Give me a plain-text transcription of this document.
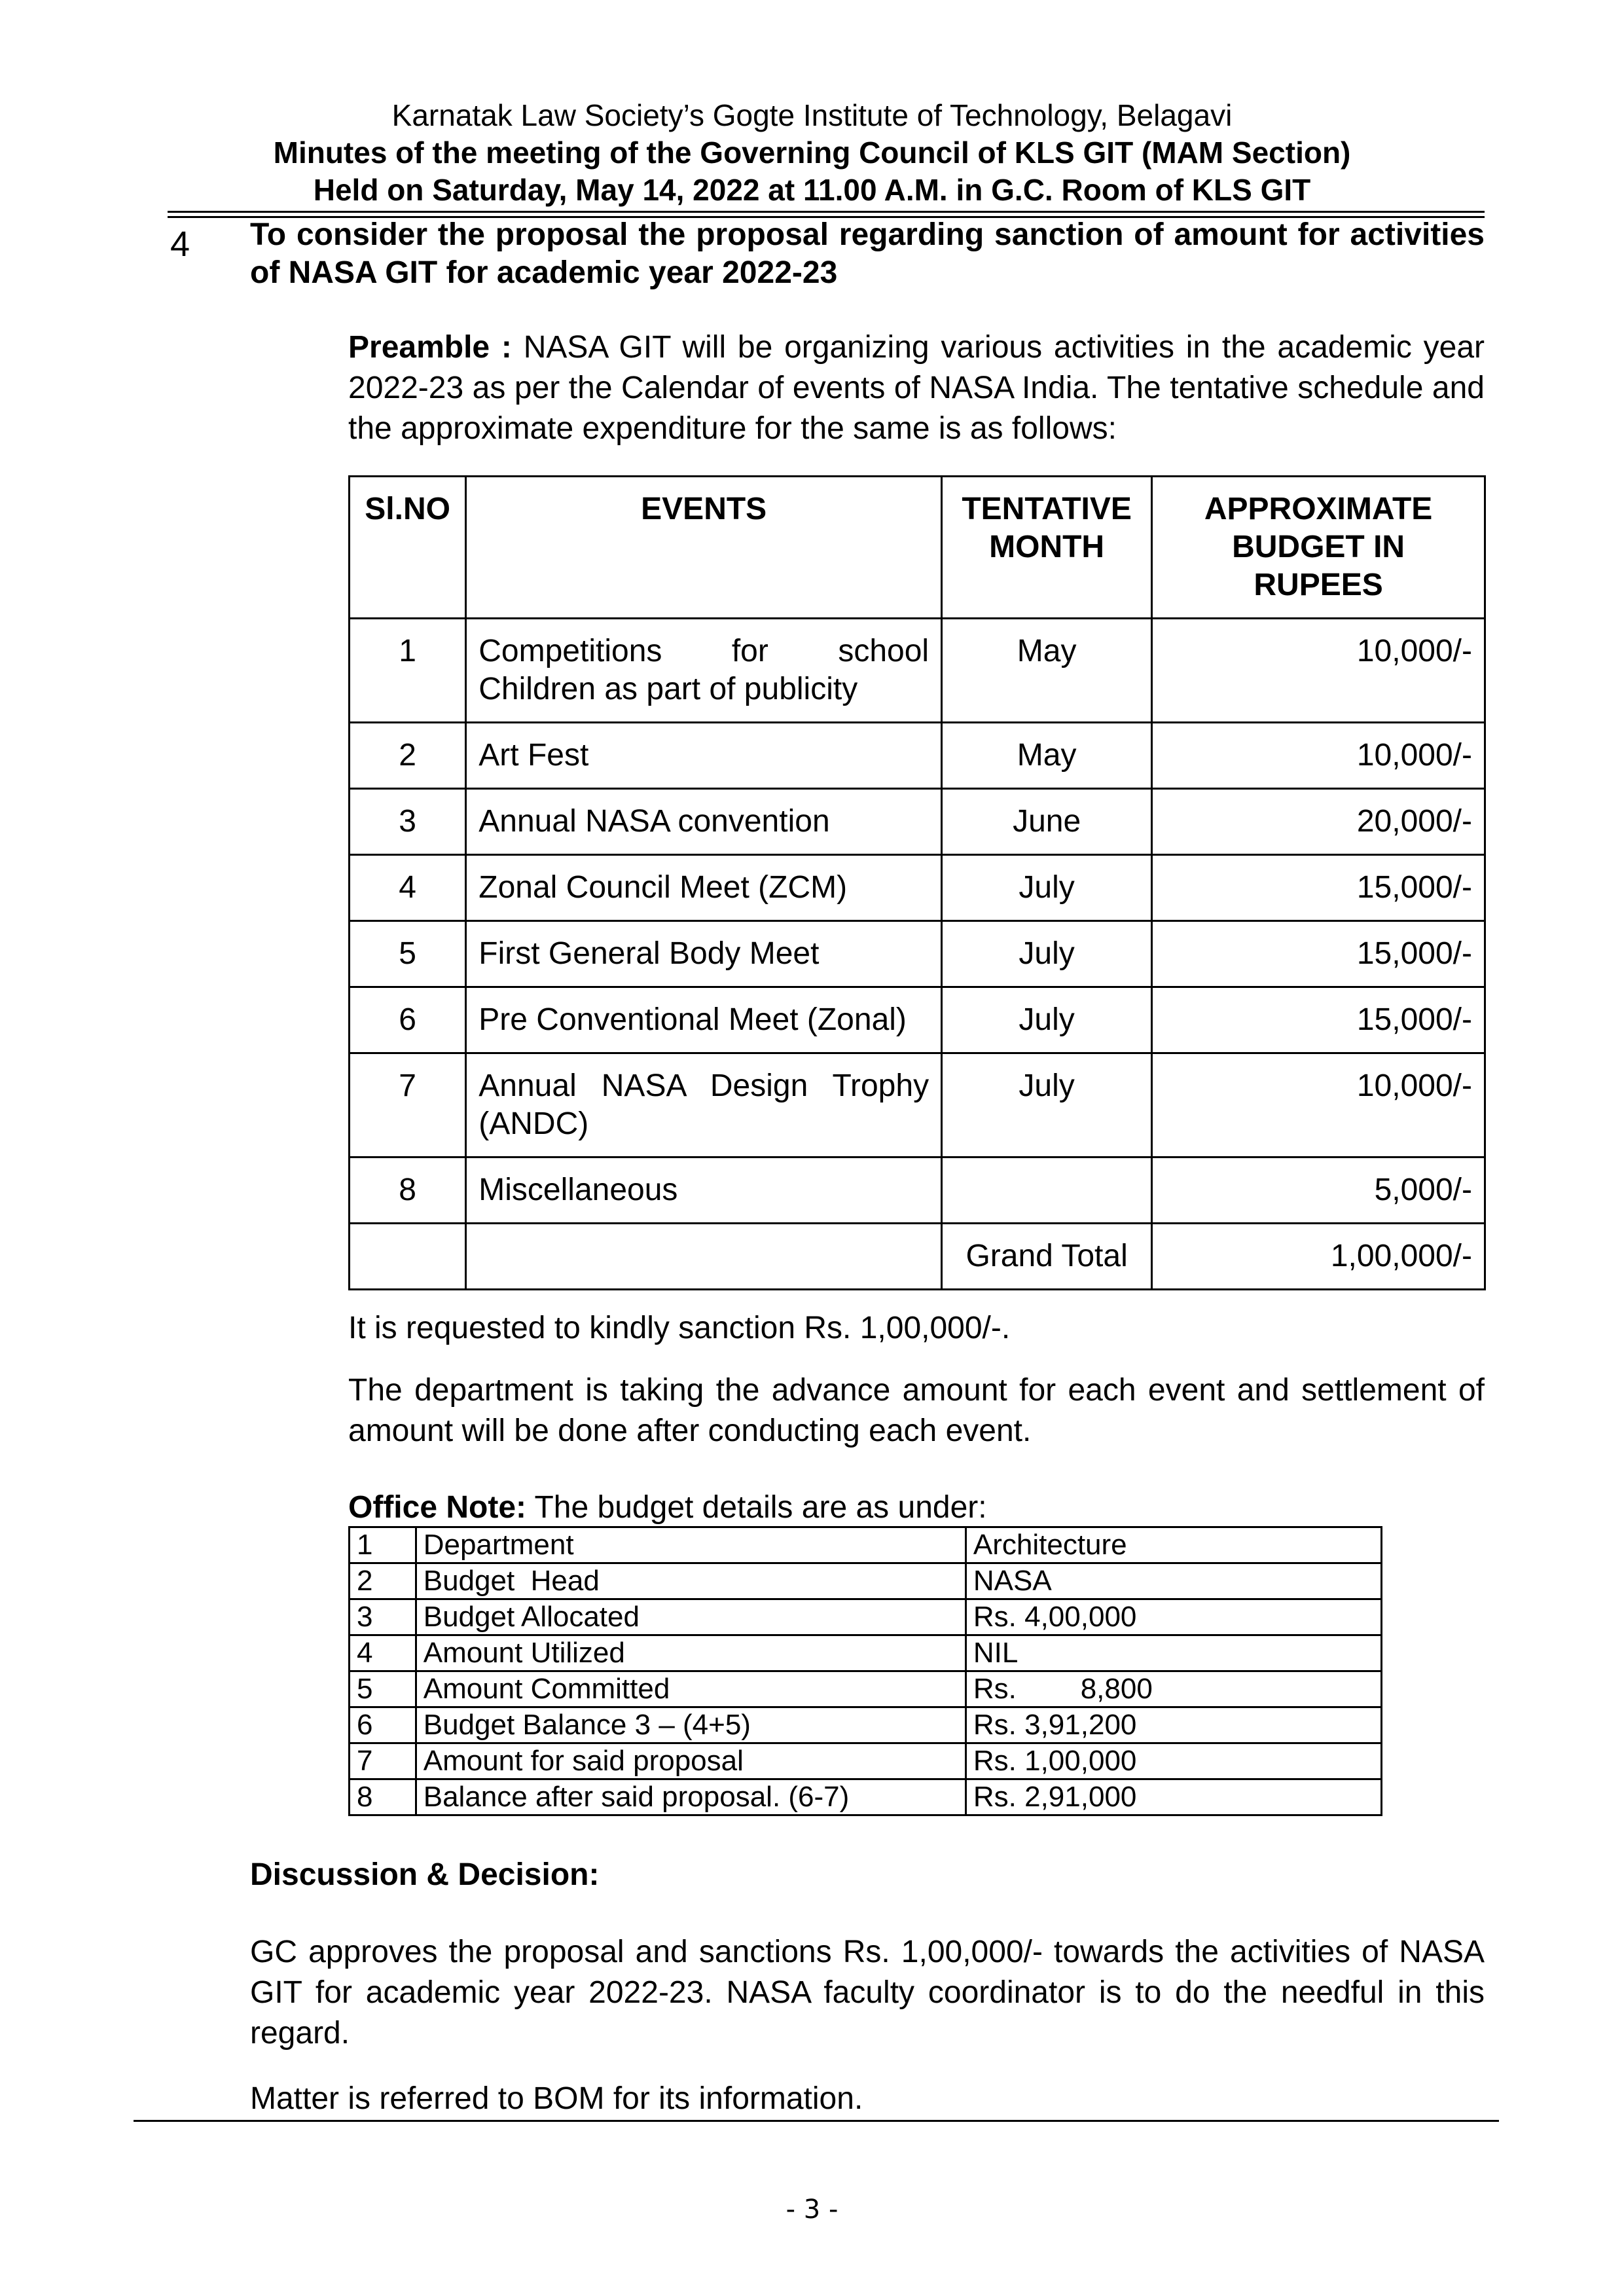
Karnatak Law Society’s Gogte Institute of Technology, Belagavi
Minutes of the meeting of the Governing Council of KLS GIT (MAM Section)
Held on Saturday, May 14, 2022 at 11.00 A.M. in G.C. Room of KLS GIT
4 To consider the proposal the proposal regarding sanction of amount for activities of NASA GIT for academic year 2022-23
Preamble : NASA GIT will be organizing various activities in the academic year 2022-23 as per the Calendar of events of NASA India. The tentative schedule and the approximate expenditure for the same is as follows:
Sl.NO	EVENTS	TENTATIVE MONTH	APPROXIMATE BUDGET IN RUPEES
1	Competitions for school Children as part of publicity	May	10,000/-
2	Art Fest	May	10,000/-
3	Annual NASA convention	June	20,000/-
4	Zonal Council Meet (ZCM)	July	15,000/-
5	First General Body Meet	July	15,000/-
6	Pre Conventional Meet (Zonal)	July	15,000/-
7	Annual NASA Design Trophy (ANDC)	July	10,000/-
8	Miscellaneous		5,000/-
		Grand Total	1,00,000/-
It is requested to kindly sanction Rs. 1,00,000/-.
The department is taking the advance amount for each event and settlement of amount will be done after conducting each event.
Office Note: The budget details are as under:
1	Department	Architecture
2	Budget  Head	NASA
3	Budget Allocated	Rs. 4,00,000
4	Amount Utilized	NIL
5	Amount Committed	Rs.        8,800
6	Budget Balance 3 – (4+5)	Rs. 3,91,200
7	Amount for said proposal	Rs. 1,00,000
8	Balance after said proposal. (6-7)	Rs. 2,91,000
Discussion & Decision:
GC approves the proposal and sanctions Rs. 1,00,000/- towards the activities of NASA GIT for academic year 2022-23. NASA faculty coordinator is to do the needful in this regard.
Matter is referred to BOM for its information.
- 3 -
